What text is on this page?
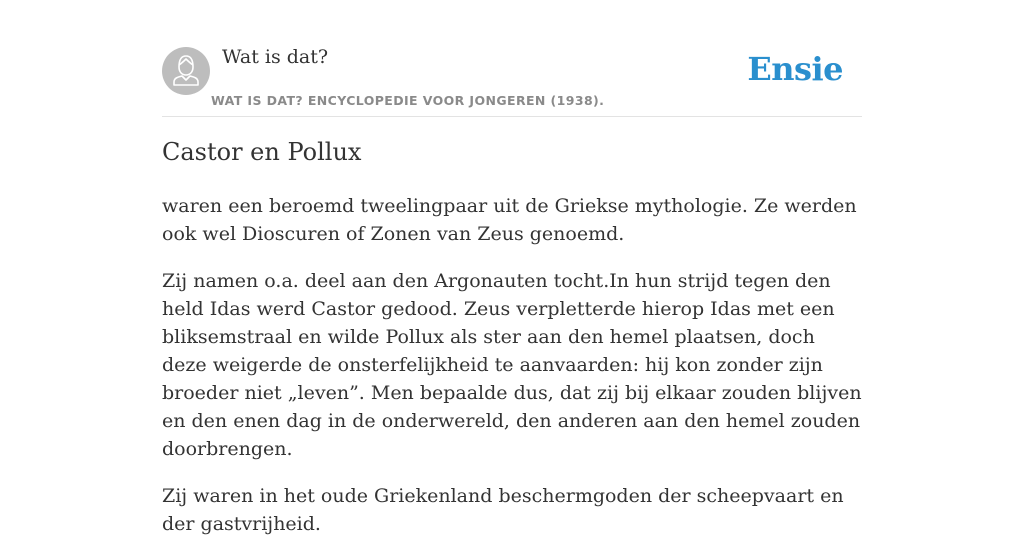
Wat is dat?
WAT IS DAT? ENCYCLOPEDIE VOOR JONGEREN (1938).
Ensie
Castor en Pollux

waren een beroemd tweelingpaar uit de Griekse mythologie. Ze werden ook wel Dioscuren of Zonen van Zeus genoemd.

Zij namen o.a. deel aan den Argonauten tocht.In hun strijd tegen den held Idas werd Castor gedood. Zeus verpletterde hierop Idas met een bliksemstraal en wilde Pollux als ster aan den hemel plaatsen, doch deze weigerde de onsterfelijkheid te aanvaarden: hij kon zonder zijn broeder niet „leven”. Men bepaalde dus, dat zij bij elkaar zouden blijven en den enen dag in de onderwereld, den anderen aan den hemel zouden doorbrengen.

Zij waren in het oude Griekenland beschermgoden der scheepvaart en der gastvrijheid.
